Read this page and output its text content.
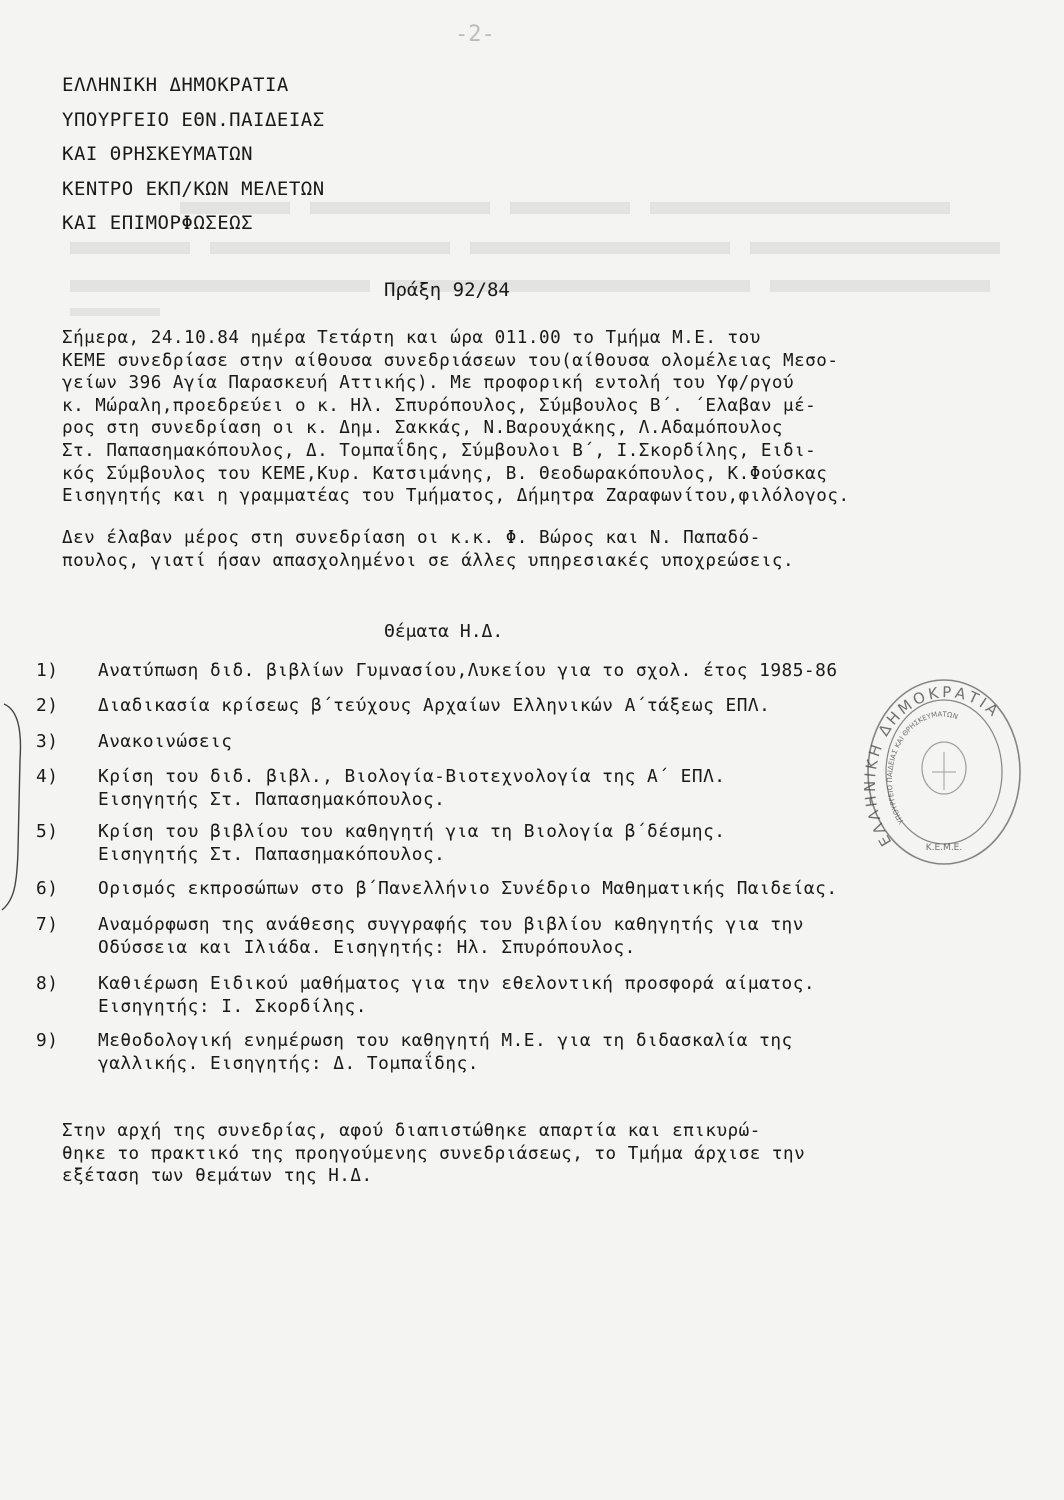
-2-
ΕΛΛΗΝΙΚΗ ΔΗΜΟΚΡΑΤΙΑ
ΥΠΟΥΡΓΕΙΟ ΕΘΝ.ΠΑΙΔΕΙΑΣ
ΚΑΙ ΘΡΗΣΚΕΥΜΑΤΩΝ
ΚΕΝΤΡΟ ΕΚΠ/ΚΩΝ ΜΕΛΕΤΩΝ
ΚΑΙ ΕΠΙΜΟΡΦΩΣΕΩΣ
Πράξη 92/84
Σήμερα, 24.10.84 ημέρα Τετάρτη και ώρα 011.00 το Τμήμα Μ.Ε. του
ΚΕΜΕ συνεδρίασε στην αίθουσα συνεδριάσεων του(αίθουσα ολομέλειας Μεσο-
γείων 396 Αγία Παρασκευή Αττικής). Με προφορική εντολή του Υφ/ργού
κ. Μώραλη,προεδρεύει ο κ. Ηλ. Σπυρόπουλος, Σύμβουλος Β΄. ΄Ελαβαν μέ-
ρος στη συνεδρίαση οι κ. Δημ. Σακκάς, Ν.Βαρουχάκης, Λ.Αδαμόπουλος
Στ. Παπασημακόπουλος, Δ. Τομπαΐδης, Σύμβουλοι Β΄, Ι.Σκορδίλης, Ειδι-
κός Σύμβουλος του ΚΕΜΕ,Κυρ. Κατσιμάνης, Β. Θεοδωρακόπουλος, Κ.Φούσκας
Εισηγητής και η γραμματέας του Τμήματος, Δήμητρα Ζαραφωνίτου,φιλόλογος.
Δεν έλαβαν μέρος στη συνεδρίαση οι κ.κ. Φ. Βώρος και Ν. Παπαδό-
πουλος, γιατί ήσαν απασχολημένοι σε άλλες υπηρεσιακές υποχρεώσεις.
Θέματα Η.Δ.
1) Ανατύπωση διδ. βιβλίων Γυμνασίου,Λυκείου για το σχολ. έτος 1985-86
2) Διαδικασία κρίσεως β΄τεύχους Αρχαίων Ελληνικών Α΄τάξεως ΕΠΛ.
3) Ανακοινώσεις
4) Κρίση του διδ. βιβλ., Βιολογία-Βιοτεχνολογία της Α΄ ΕΠΛ.
Εισηγητής Στ. Παπασημακόπουλος.
5) Κρίση του βιβλίου του καθηγητή για τη Βιολογία β΄δέσμης.
Εισηγητής Στ. Παπασημακόπουλος.
6) Ορισμός εκπροσώπων στο β΄Πανελλήνιο Συνέδριο Μαθηματικής Παιδείας.
7) Αναμόρφωση της ανάθεσης συγγραφής του βιβλίου καθηγητής για την
Οδύσσεια και Ιλιάδα. Εισηγητής: Ηλ. Σπυρόπουλος.
8) Καθιέρωση Ειδικού μαθήματος για την εθελοντική προσφορά αίματος.
Εισηγητής: Ι. Σκορδίλης.
9) Μεθοδολογική ενημέρωση του καθηγητή Μ.Ε. για τη διδασκαλία της
γαλλικής. Εισηγητής: Δ. Τομπαΐδης.
Στην αρχή της συνεδρίας, αφού διαπιστώθηκε απαρτία και επικυρώ-
θηκε το πρακτικό της προηγούμενης συνεδριάσεως, το Τμήμα άρχισε την
εξέταση των θεμάτων της Η.Δ.
ΕΛΛΗΝΙΚΗ ΔΗΜΟΚΡΑΤΙΑ
ΥΠΟΥΡΓΕΙΟ ΠΑΙΔΕΙΑΣ ΚΑΙ ΘΡΗΣΚΕΥΜΑΤΩΝ
Κ.Ε.Μ.Ε.
